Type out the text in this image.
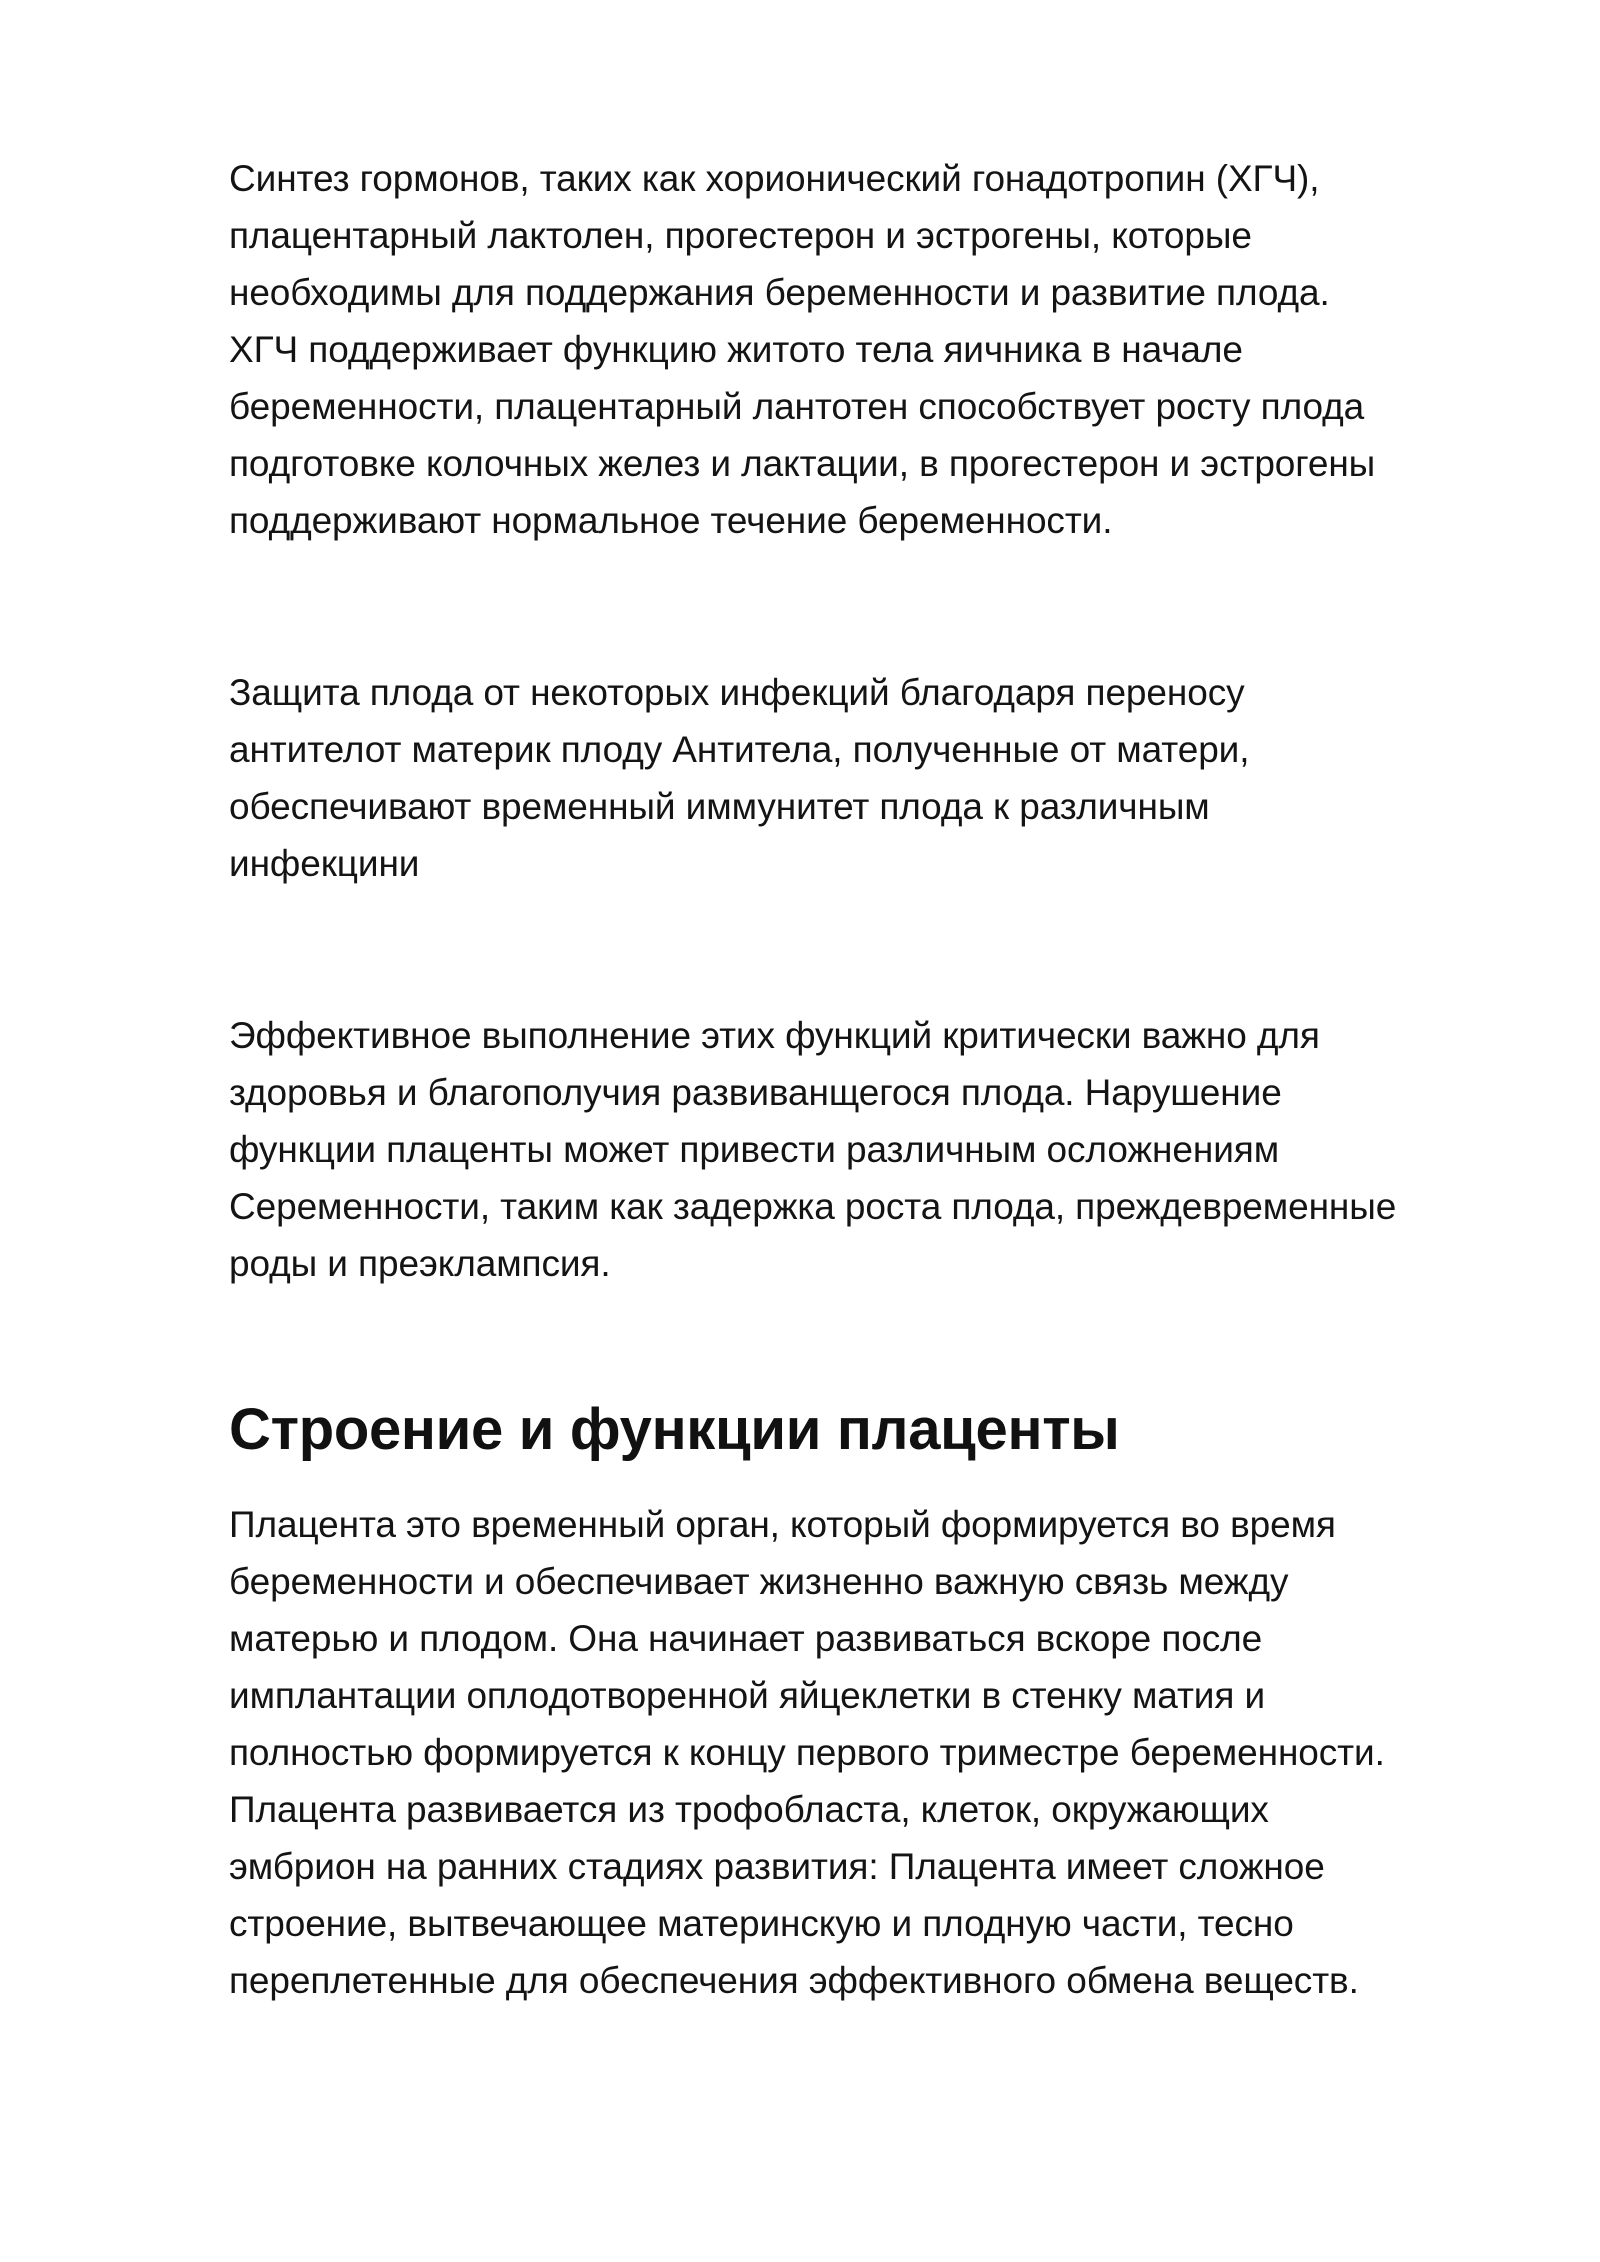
Синтез гормонов, таких как хорионический гонадотропин (ХГЧ),
плацентарный лактолен, прогестерон и эстрогены, которые
необходимы для поддержания беременности и развитие плода.
ХГЧ поддерживает функцию житото тела яичника в начале
беременности, плацентарный лантотен способствует росту плода
подготовке колочных желез и лактации, в прогестерон и эстрогены
поддерживают нормальное течение беременности.

Защита плода от некоторых инфекций благодаря переносу
антителот материк плоду Антитела, полученные от матери,
обеспечивают временный иммунитет плода к различным
инфекцини

Эффективное выполнение этих функций критически важно для
здоровья и благополучия развиванщегося плода. Нарушение
функции плаценты может привести различным осложнениям
Сеременности, таким как задержка роста плода, преждевременные
роды и преэклампсия.

Строение и функции плаценты

Плацента это временный орган, который формируется во время
беременности и обеспечивает жизненно важную связь между
матерью и плодом. Она начинает развиваться вскоре после
имплантации оплодотворенной яйцеклетки в стенку матия и
полностью формируется к концу первого триместре беременности.
Плацента развивается из трофобласта, клеток, окружающих
эмбрион на ранних стадиях развития: Плацента имеет сложное
строение, вытвечающее материнскую и плодную части, тесно
переплетенные для обеспечения эффективного обмена веществ.
